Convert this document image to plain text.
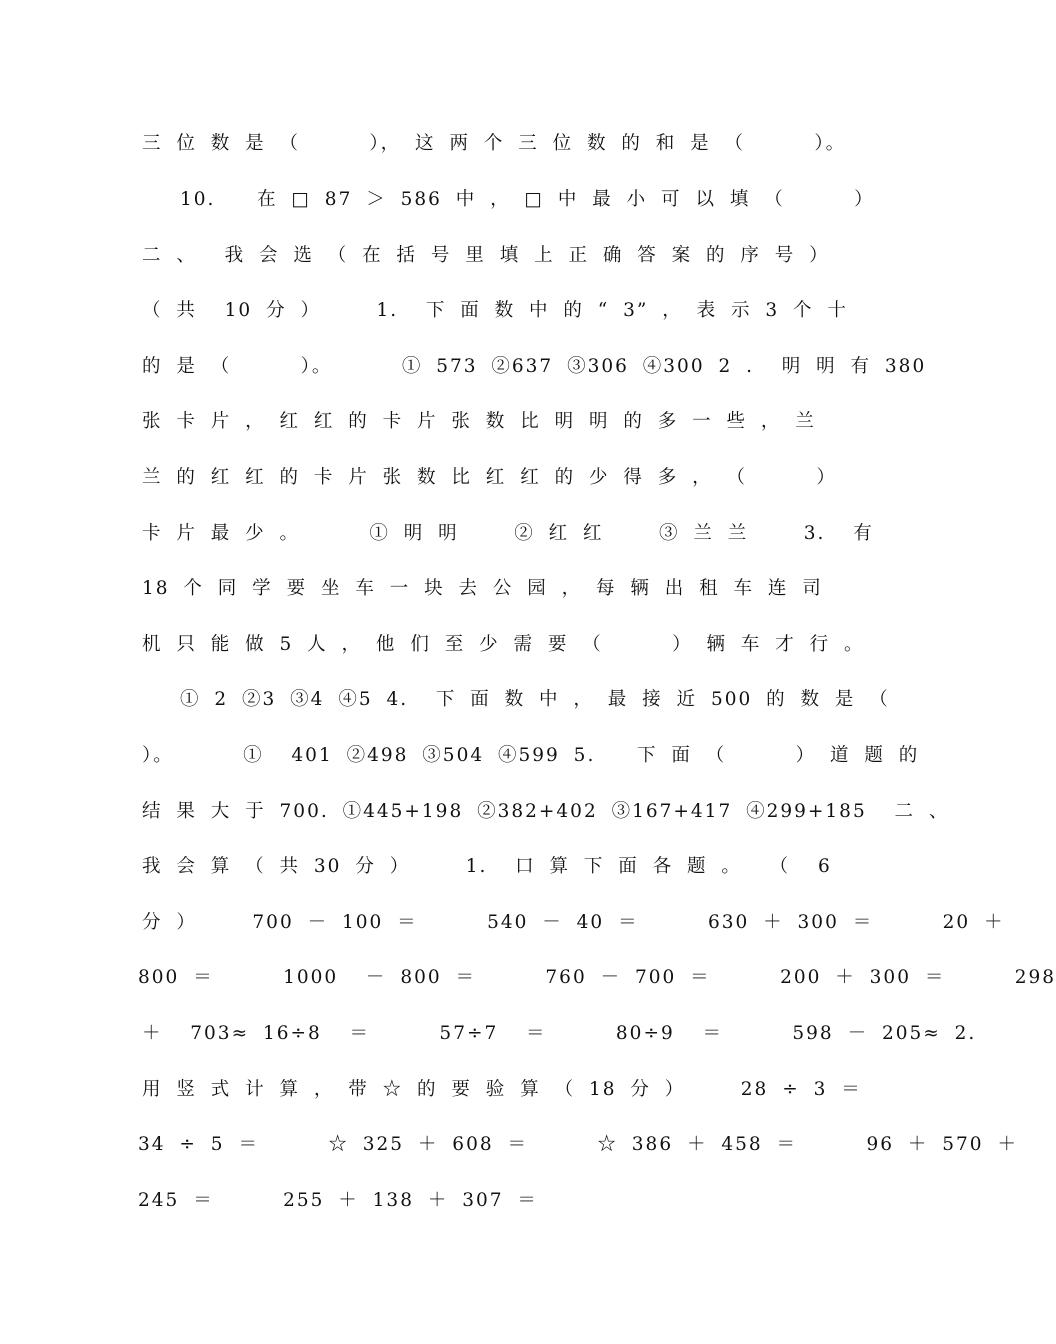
三 位 数 是 （     ）， 这 两 个 三 位 数 的 和 是 （     ）。
10.   在 □ 87 ＞ 586 中 ， □ 中 最 小 可 以 填 （     ）
二 、  我 会 选 （ 在 括 号 里 填 上 正 确 答 案 的 序 号 ）
（ 共  10 分 ）    1.  下 面 数 中 的 “ 3” ， 表 示 3 个 十
的 是 （     ）。     ① 573 ②637 ③306 ④300 2 .  明 明 有 380
张 卡 片 ， 红 红 的 卡 片 张 数 比 明 明 的 多 一 些 ， 兰
兰 的 红 红 的 卡 片 张 数 比 红 红 的 少 得 多 ， （     ）
卡 片 最 少 。     ① 明 明    ② 红 红    ③ 兰 兰    3.  有
18 个 同 学 要 坐 车 一 块 去 公 园 ， 每 辆 出 租 车 连 司
机 只 能 做 5 人 ， 他 们 至 少 需 要 （     ） 辆 车 才 行 。
① 2 ②3 ③4 ④5 4.  下 面 数 中 ， 最 接 近 500 的 数 是 （
）。     ①  401 ②498 ③504 ④599 5.   下 面 （     ） 道 题 的
结 果 大 于 700. ①445+198 ②382+402 ③167+417 ④299+185  二 、
我 会 算 （ 共 30 分 ）    1.  口 算 下 面 各 题 。  （  6
分 ）    700 － 100 ＝     540 － 40 ＝     630 ＋ 300 ＝     20 ＋
800 ＝     1000  － 800 ＝     760 － 700 ＝     200 ＋ 300 ＝     298
＋  703≈ 16÷8  ＝     57÷7  ＝     80÷9  ＝     598 － 205≈ 2.
用 竖 式 计 算 ， 带 ☆ 的 要 验 算 （ 18 分 ）    28 ÷ 3 ＝
34 ÷ 5 ＝     ☆ 325 ＋ 608 ＝     ☆ 386 ＋ 458 ＝     96 ＋ 570 ＋
245 ＝     255 ＋ 138 ＋ 307 ＝
